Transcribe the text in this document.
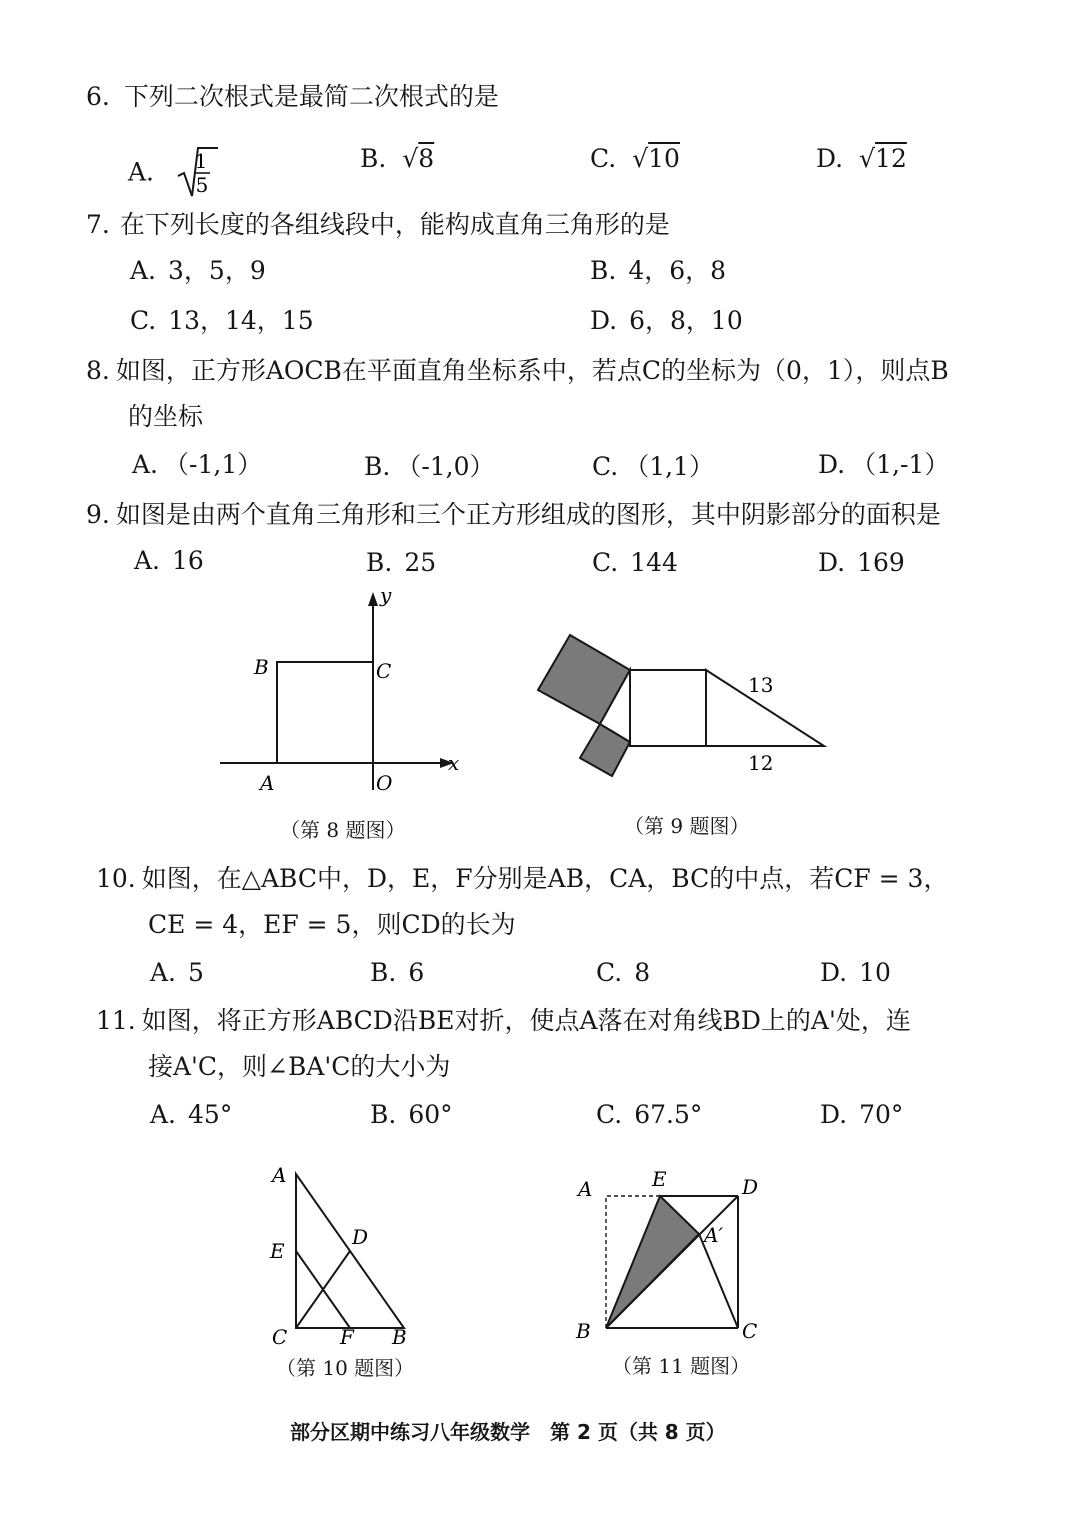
6. 下列二次根式是最简二次根式的是
A. 1
5
B. √8	C. √10	D. √12
7. 在下列长度的各组线段中，能构成直角三角形的是
A. 3，5，9	B. 4，6，8
C. 13，14，15	D. 6，8，10
8. 如图，正方形AOCB在平面直角坐标系中，若点C的坐标为（0，1），则点B
的坐标
A. （-1,1）	B. （-1,0）	C. （1,1）	D. （1,-1）
9. 如图是由两个直角三角形和三个正方形组成的图形，其中阴影部分的面积是
A. 16	B. 25	C. 144	D. 169
y
x
B	C
A	O
（第 8 题图）
13
12
（第 9 题图）
10. 如图，在△ABC中，D，E，F分别是AB，CA，BC的中点，若CF = 3，
CE = 4，EF = 5，则CD的长为
A. 5	B. 6	C. 8	D. 10
11. 如图，将正方形ABCD沿BE对折，使点A落在对角线BD上的A'处，连
接A'C，则∠BA'C的大小为
A. 45°	B. 60°	C. 67.5°	D. 70°
A
E
D
C	F B
（第 10 题图）
A	E	D
A′
B	C
（第 11 题图）
部分区期中练习八年级数学　第 2 页（共 8 页）
